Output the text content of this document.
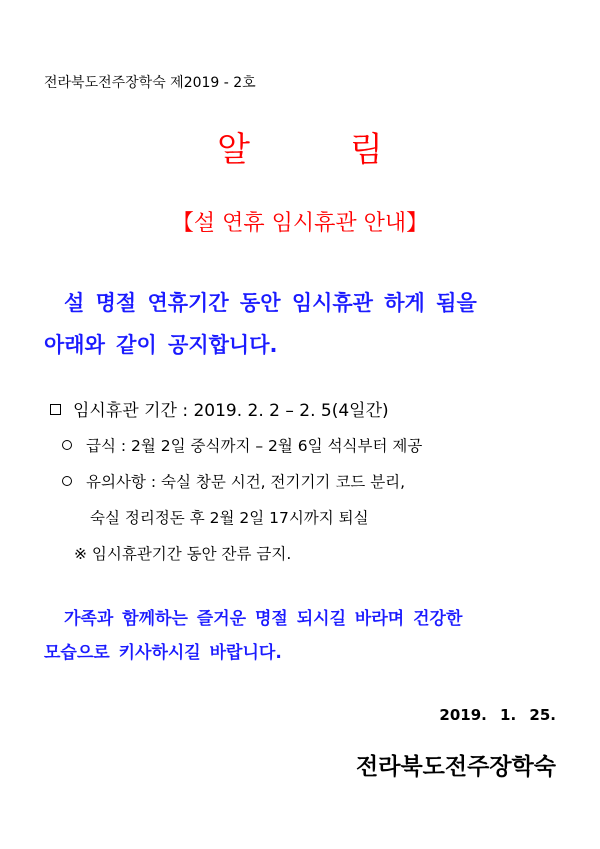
전라북도전주장학숙 제2019 - 2호
알	림
【설 연휴 임시휴관 안내】
설 명절 연휴기간 동안 임시휴관 하게 됨을
아래와 같이 공지합니다.
임시휴관 기간 : 2019. 2. 2 – 2. 5(4일간)
급식 : 2월 2일 중식까지 – 2월 6일 석식부터 제공
유의사항 : 숙실 창문 시건, 전기기기 코드 분리,
숙실 정리정돈 후 2월 2일 17시까지 퇴실
※ 임시휴관기간 동안 잔류 금지.
가족과 함께하는 즐거운 명절 되시길 바라며 건강한
모습으로 키사하시길 바랍니다.
2019. 1. 25.
전라북도전주장학숙
